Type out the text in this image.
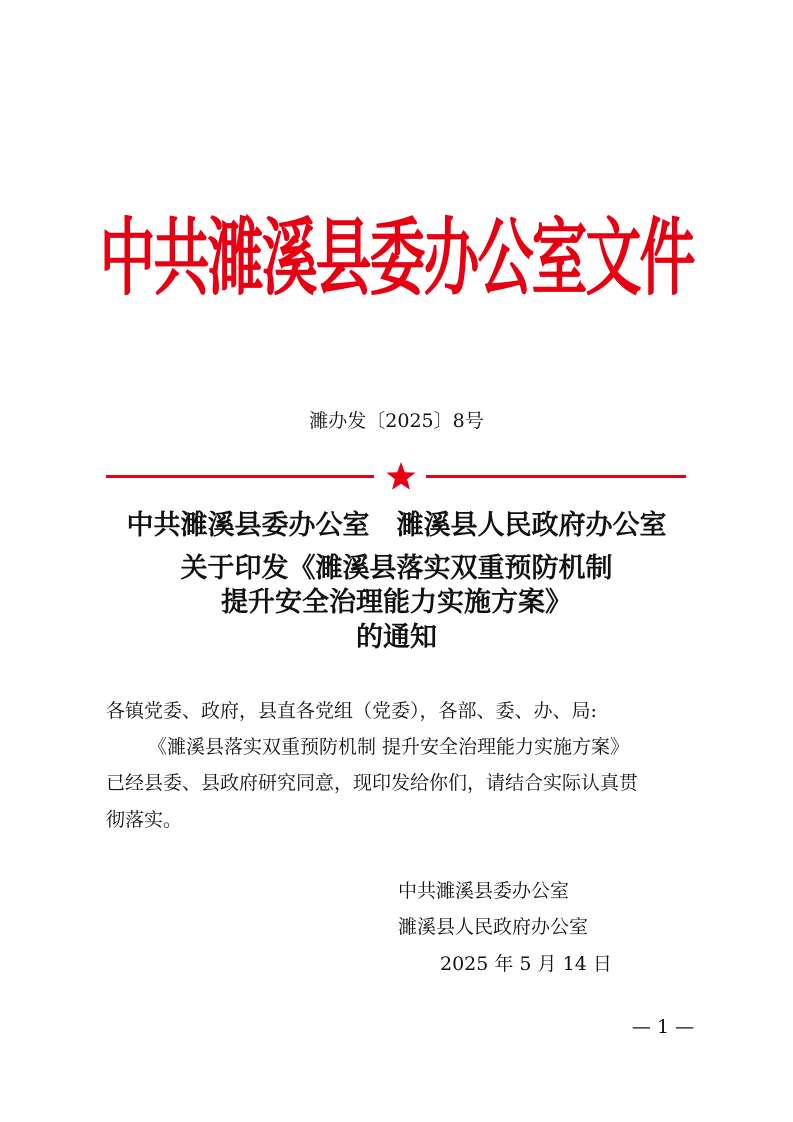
中共濉溪县委办公室文件
濉办发〔2025〕8号
中共濉溪县委办公室　濉溪县人民政府办公室
关于印发《濉溪县落实双重预防机制
提升安全治理能力实施方案》
的通知
各镇党委、政府，县直各党组（党委），各部、委、办、局:
《濉溪县落实双重预防机制 提升安全治理能力实施方案》
已经县委、县政府研究同意，现印发给你们，请结合实际认真贯
彻落实。
中共濉溪县委办公室
濉溪县人民政府办公室
2025 年 5 月 14 日
— 1 —
